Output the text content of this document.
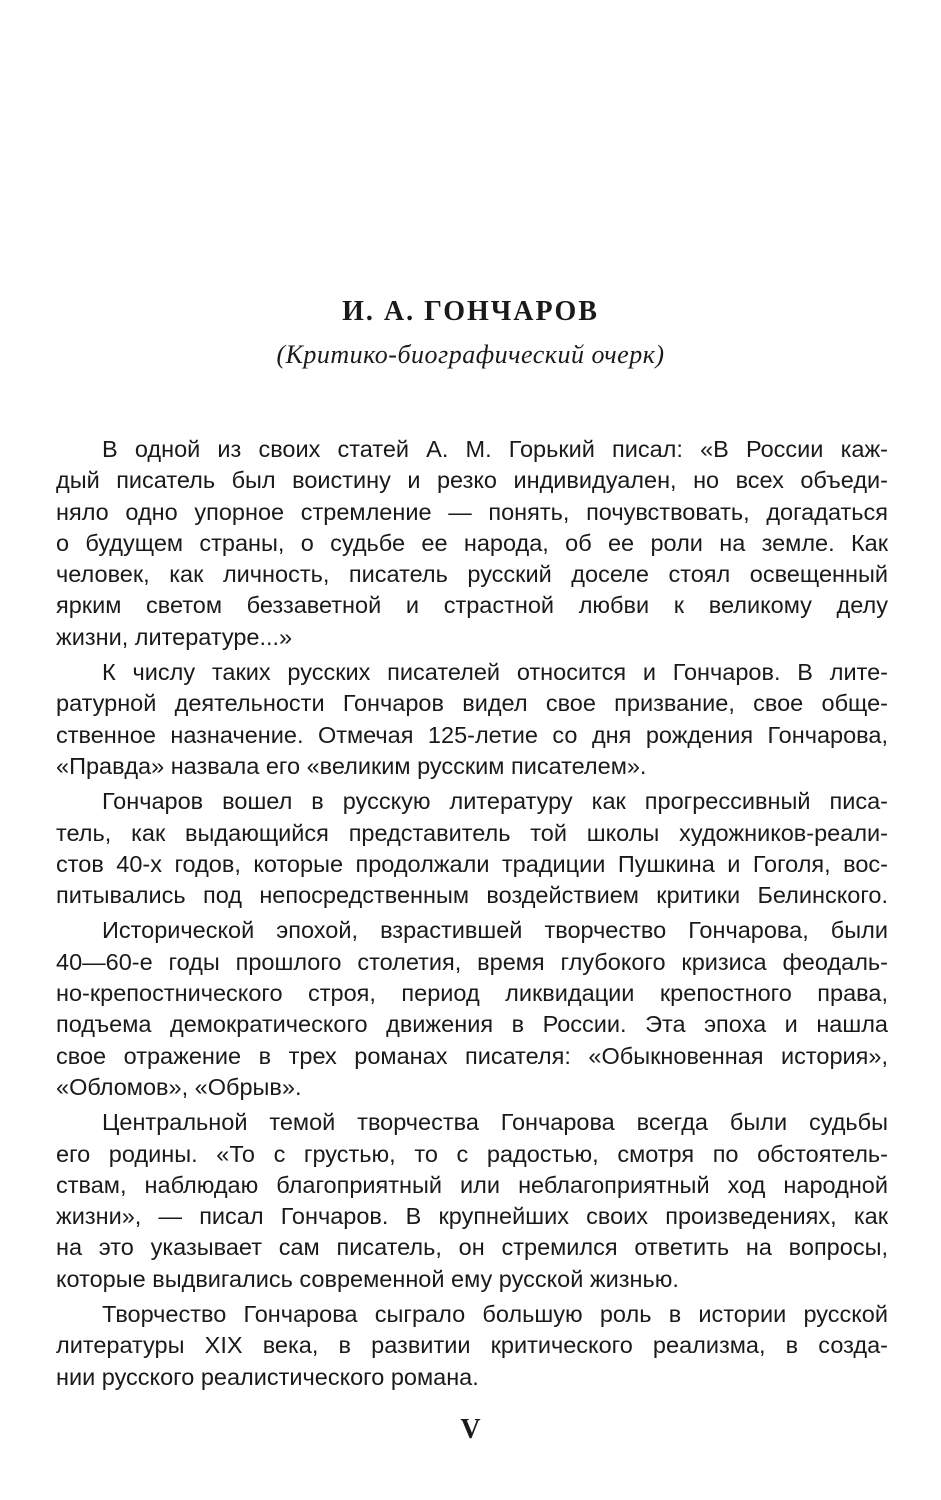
И. А. ГОНЧАРОВ
(Критико-биографический очерк)
В одной из своих статей А. М. Горький писал: «В России каж-
дый писатель был воистину и резко индивидуален, но всех объеди-
няло одно упорное стремление — понять, почувствовать, догадаться
о будущем страны, о судьбе ее народа, об ее роли на земле. Как
человек, как личность, писатель русский доселе стоял освещенный
ярким светом беззаветной и страстной любви к великому делу
жизни, литературе...»
К числу таких русских писателей относится и Гончаров. В лите-
ратурной деятельности Гончаров видел свое призвание, свое обще-
ственное назначение. Отмечая 125-летие со дня рождения Гончарова,
«Правда» назвала его «великим русским писателем».
Гончаров вошел в русскую литературу как прогрессивный писа-
тель, как выдающийся представитель той школы художников-реали-
стов 40-х годов, которые продолжали традиции Пушкина и Гоголя, вос-
питывались под непосредственным воздействием критики Белинского.
Исторической эпохой, взрастившей творчество Гончарова, были
40—60-е годы прошлого столетия, время глубокого кризиса феодаль-
но-крепостнического строя, период ликвидации крепостного права,
подъема демократического движения в России. Эта эпоха и нашла
свое отражение в трех романах писателя: «Обыкновенная история»,
«Обломов», «Обрыв».
Центральной темой творчества Гончарова всегда были судьбы
его родины. «То с грустью, то с радостью, смотря по обстоятель-
ствам, наблюдаю благоприятный или неблагоприятный ход народной
жизни», — писал Гончаров. В крупнейших своих произведениях, как
на это указывает сам писатель, он стремился ответить на вопросы,
которые выдвигались современной ему русской жизнью.
Творчество Гончарова сыграло большую роль в истории русской
литературы XIX века, в развитии критического реализма, в созда-
нии русского реалистического романа.
V
